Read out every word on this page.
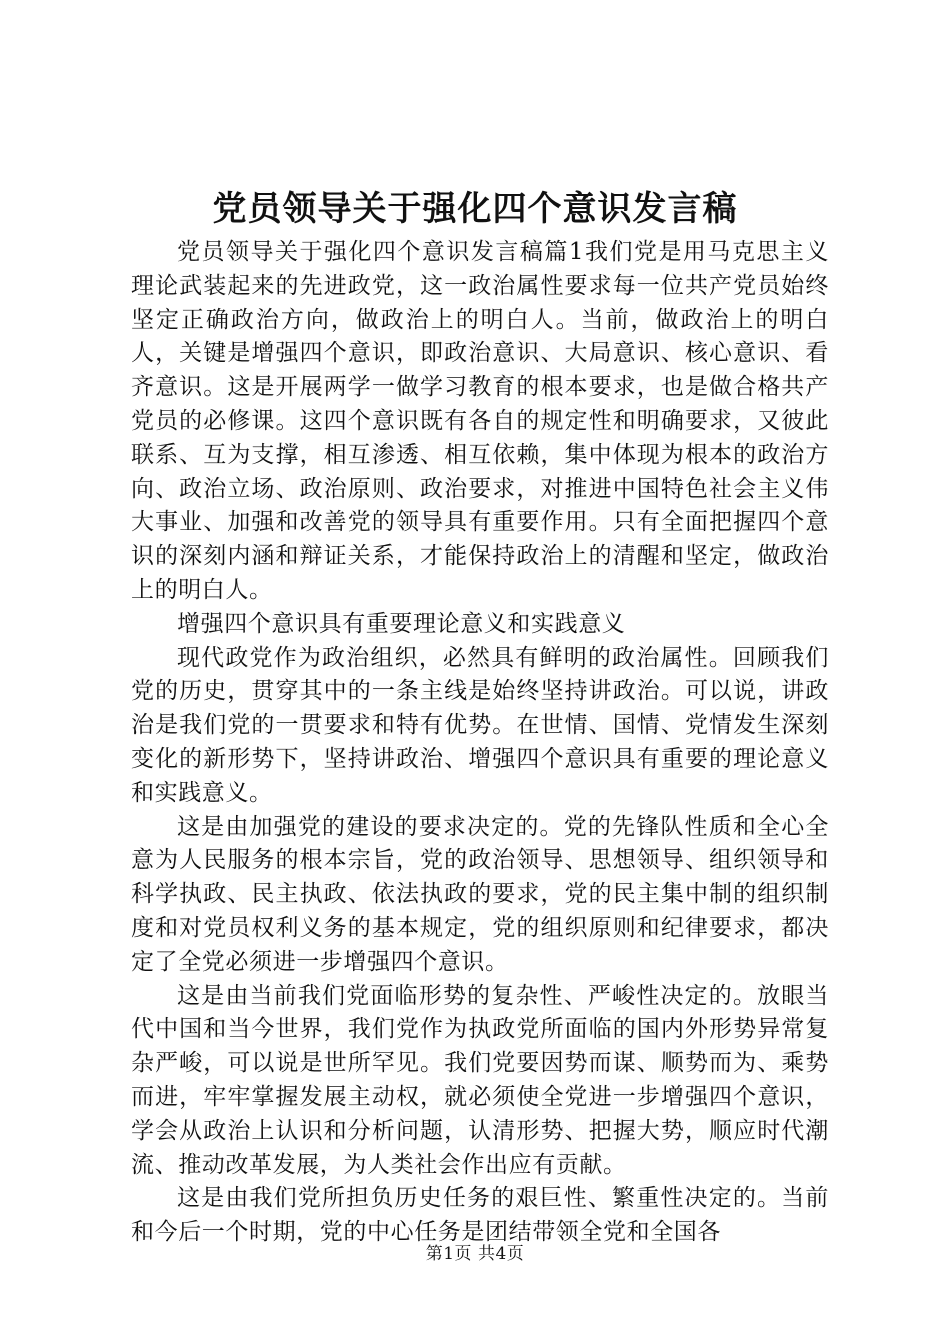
党员领导关于强化四个意识发言稿

党员领导关于强化四个意识发言稿篇1我们党是用马克思主义理论武装起来的先进政党，这一政治属性要求每一位共产党员始终坚定正确政治方向，做政治上的明白人。当前，做政治上的明白人，关键是增强四个意识，即政治意识、大局意识、核心意识、看齐意识。这是开展两学一做学习教育的根本要求，也是做合格共产党员的必修课。这四个意识既有各自的规定性和明确要求，又彼此联系、互为支撑，相互渗透、相互依赖，集中体现为根本的政治方向、政治立场、政治原则、政治要求，对推进中国特色社会主义伟大事业、加强和改善党的领导具有重要作用。只有全面把握四个意识的深刻内涵和辩证关系，才能保持政治上的清醒和坚定，做政治上的明白人。

增强四个意识具有重要理论意义和实践意义

现代政党作为政治组织，必然具有鲜明的政治属性。回顾我们党的历史，贯穿其中的一条主线是始终坚持讲政治。可以说，讲政治是我们党的一贯要求和特有优势。在世情、国情、党情发生深刻变化的新形势下，坚持讲政治、增强四个意识具有重要的理论意义和实践意义。

这是由加强党的建设的要求决定的。党的先锋队性质和全心全意为人民服务的根本宗旨，党的政治领导、思想领导、组织领导和科学执政、民主执政、依法执政的要求，党的民主集中制的组织制度和对党员权利义务的基本规定，党的组织原则和纪律要求，都决定了全党必须进一步增强四个意识。

这是由当前我们党面临形势的复杂性、严峻性决定的。放眼当代中国和当今世界，我们党作为执政党所面临的国内外形势异常复杂严峻，可以说是世所罕见。我们党要因势而谋、顺势而为、乘势而进，牢牢掌握发展主动权，就必须使全党进一步增强四个意识，学会从政治上认识和分析问题，认清形势、把握大势，顺应时代潮流、推动改革发展，为人类社会作出应有贡献。

这是由我们党所担负历史任务的艰巨性、繁重性决定的。当前和今后一个时期，党的中心任务是团结带领全党和全国各

第1页 共4页
